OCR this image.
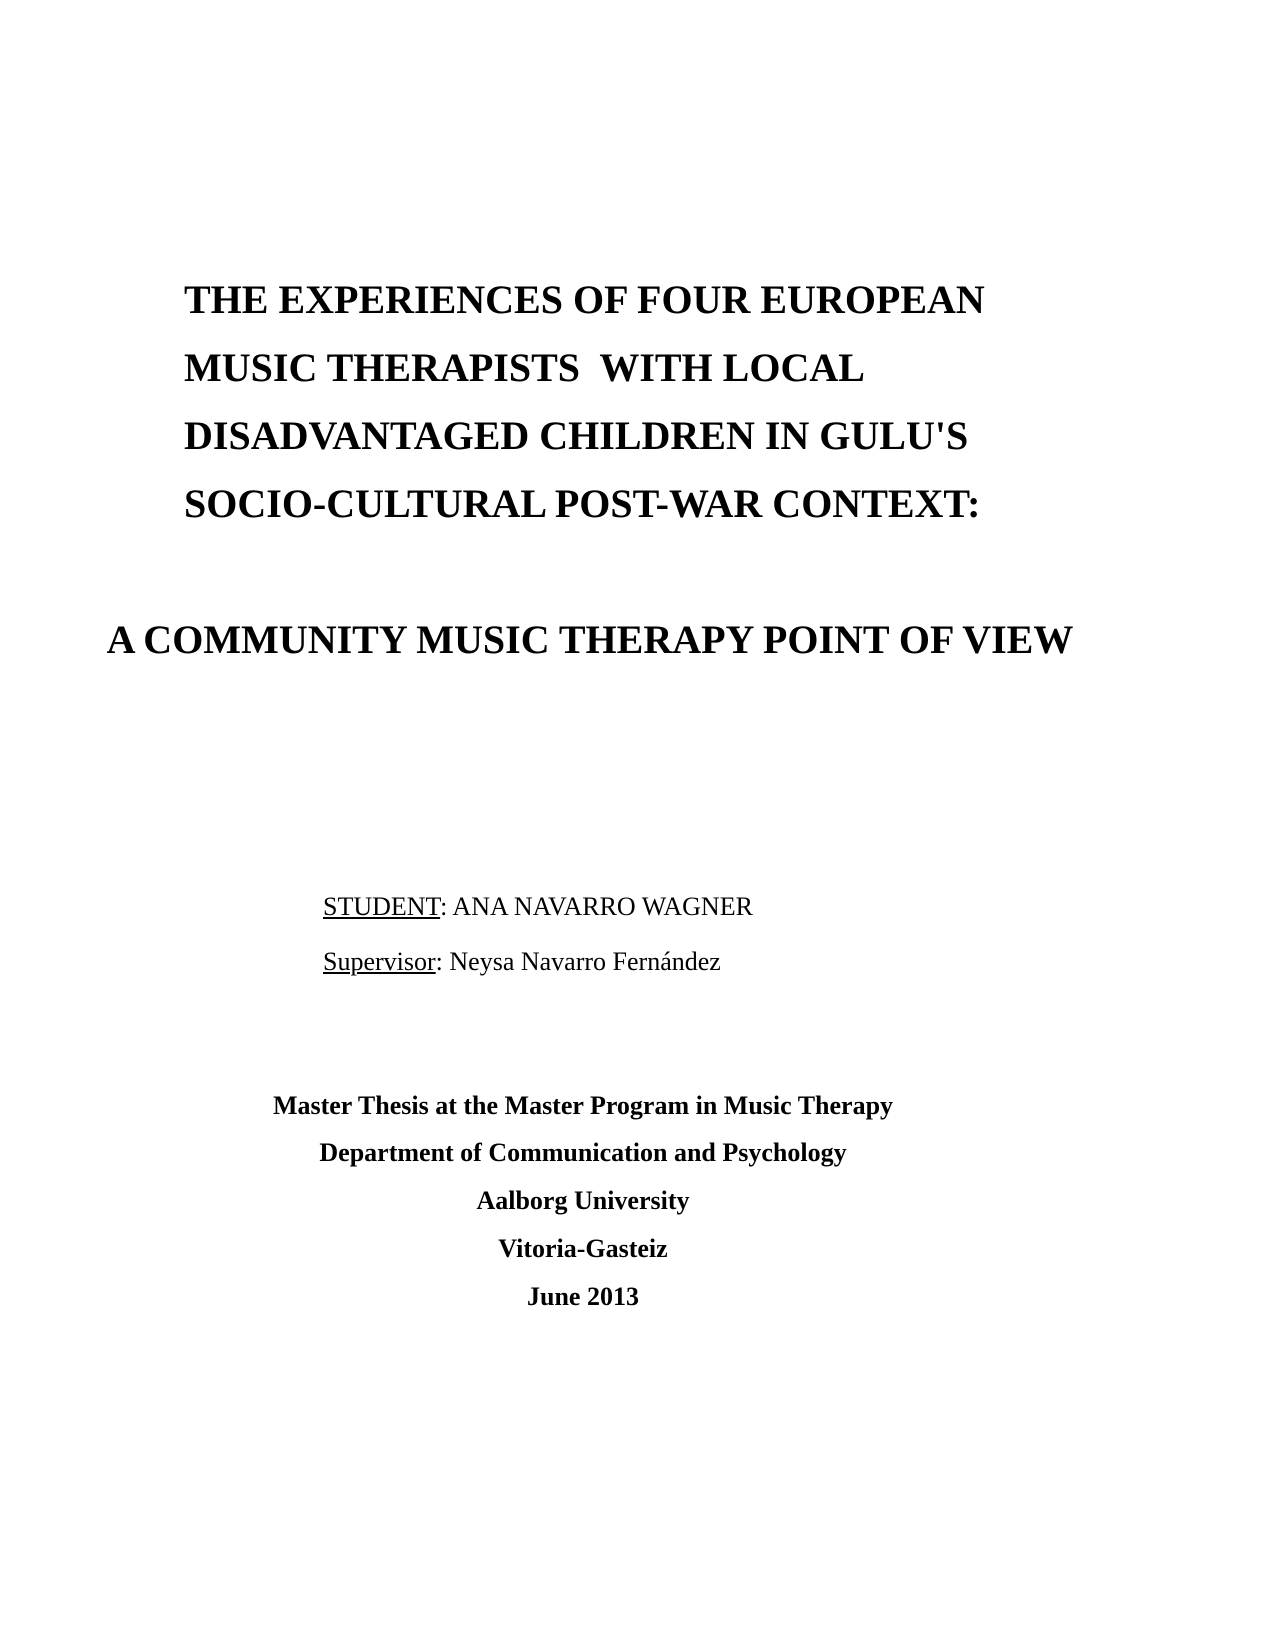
THE EXPERIENCES OF FOUR EUROPEAN
MUSIC THERAPISTS  WITH LOCAL
DISADVANTAGED CHILDREN IN GULU'S
SOCIO-CULTURAL POST-WAR CONTEXT:
A COMMUNITY MUSIC THERAPY POINT OF VIEW
STUDENT: ANA NAVARRO WAGNER
Supervisor: Neysa Navarro Fernández
Master Thesis at the Master Program in Music Therapy
Department of Communication and Psychology
Aalborg University
Vitoria-Gasteiz
June 2013
